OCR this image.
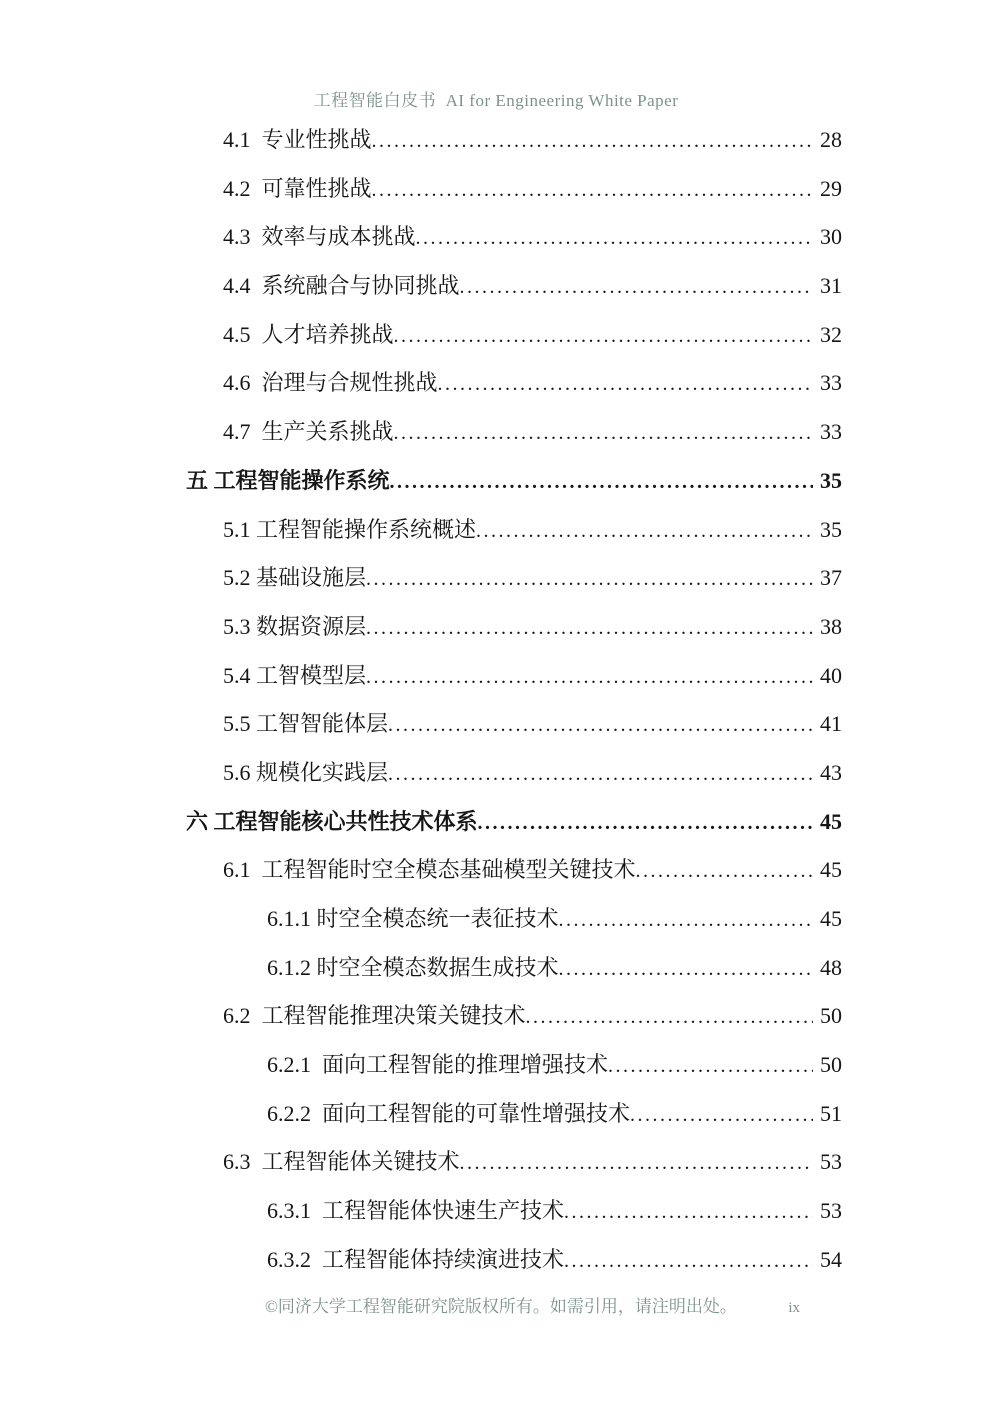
工程智能白皮书  AI for Engineering White Paper
4.1  专业性挑战 .....	28
4.2  可靠性挑战 .....	29
4.3  效率与成本挑战 .....	30
4.4  系统融合与协同挑战 .....	31
4.5  人才培养挑战 .....	32
4.6  治理与合规性挑战 .....	33
4.7  生产关系挑战 .....	33
五 工程智能操作系统 .....	35
5.1 工程智能操作系统概述 .....	35
5.2 基础设施层 .....	37
5.3 数据资源层 .....	38
5.4 工智模型层 .....	40
5.5 工智智能体层 .....	41
5.6 规模化实践层 .....	43
六 工程智能核心共性技术体系 .....	45
6.1  工程智能时空全模态基础模型关键技术 .....	45
6.1.1 时空全模态统一表征技术 .....	45
6.1.2 时空全模态数据生成技术 .....	48
6.2  工程智能推理决策关键技术 .....	50
6.2.1  面向工程智能的推理增强技术 .....	50
6.2.2  面向工程智能的可靠性增强技术 .....	51
6.3  工程智能体关键技术 .....	53
6.3.1  工程智能体快速生产技术 .....	53
6.3.2  工程智能体持续演进技术 .....	54
©同济大学工程智能研究院版权所有。如需引用，请注明出处。	ix
